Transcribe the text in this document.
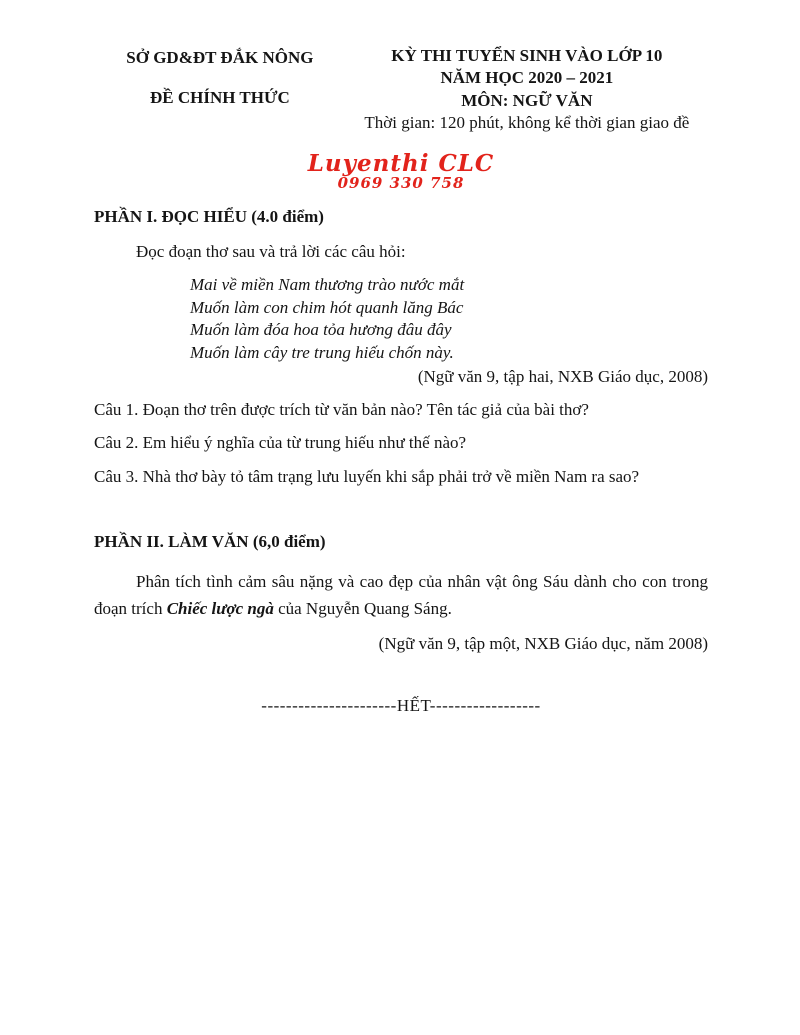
SỞ GD&ĐT ĐẮK NÔNG
ĐỀ CHÍNH THỨC
KỲ THI TUYỂN SINH VÀO LỚP 10
NĂM HỌC 2020 – 2021
MÔN: NGỮ VĂN
Thời gian: 120 phút, không kể thời gian giao đề
Luyenthi CLC
0969 330 758
PHẦN I. ĐỌC HIỂU (4.0 điểm)
Đọc đoạn thơ sau và trả lời các câu hỏi:
Mai về miền Nam thương trào nước mắt
Muốn làm con chim hót quanh lăng Bác
Muốn làm đóa hoa tỏa hương đâu đây
Muốn làm cây tre trung hiếu chốn này.
(Ngữ văn 9, tập hai, NXB Giáo dục, 2008)
Câu 1. Đoạn thơ trên được trích từ văn bản nào? Tên tác giả của bài thơ?
Câu 2. Em hiểu ý nghĩa của từ trung hiếu như thế nào?
Câu 3. Nhà thơ bày tỏ tâm trạng lưu luyến khi sắp phải trở về miền Nam ra sao?
PHẦN II. LÀM VĂN (6,0 điểm)
Phân tích tình cảm sâu nặng và cao đẹp của nhân vật ông Sáu dành cho con trong đoạn trích Chiếc lược ngà của Nguyễn Quang Sáng.
(Ngữ văn 9, tập một, NXB Giáo dục, năm 2008)
----------------------HẾT------------------
